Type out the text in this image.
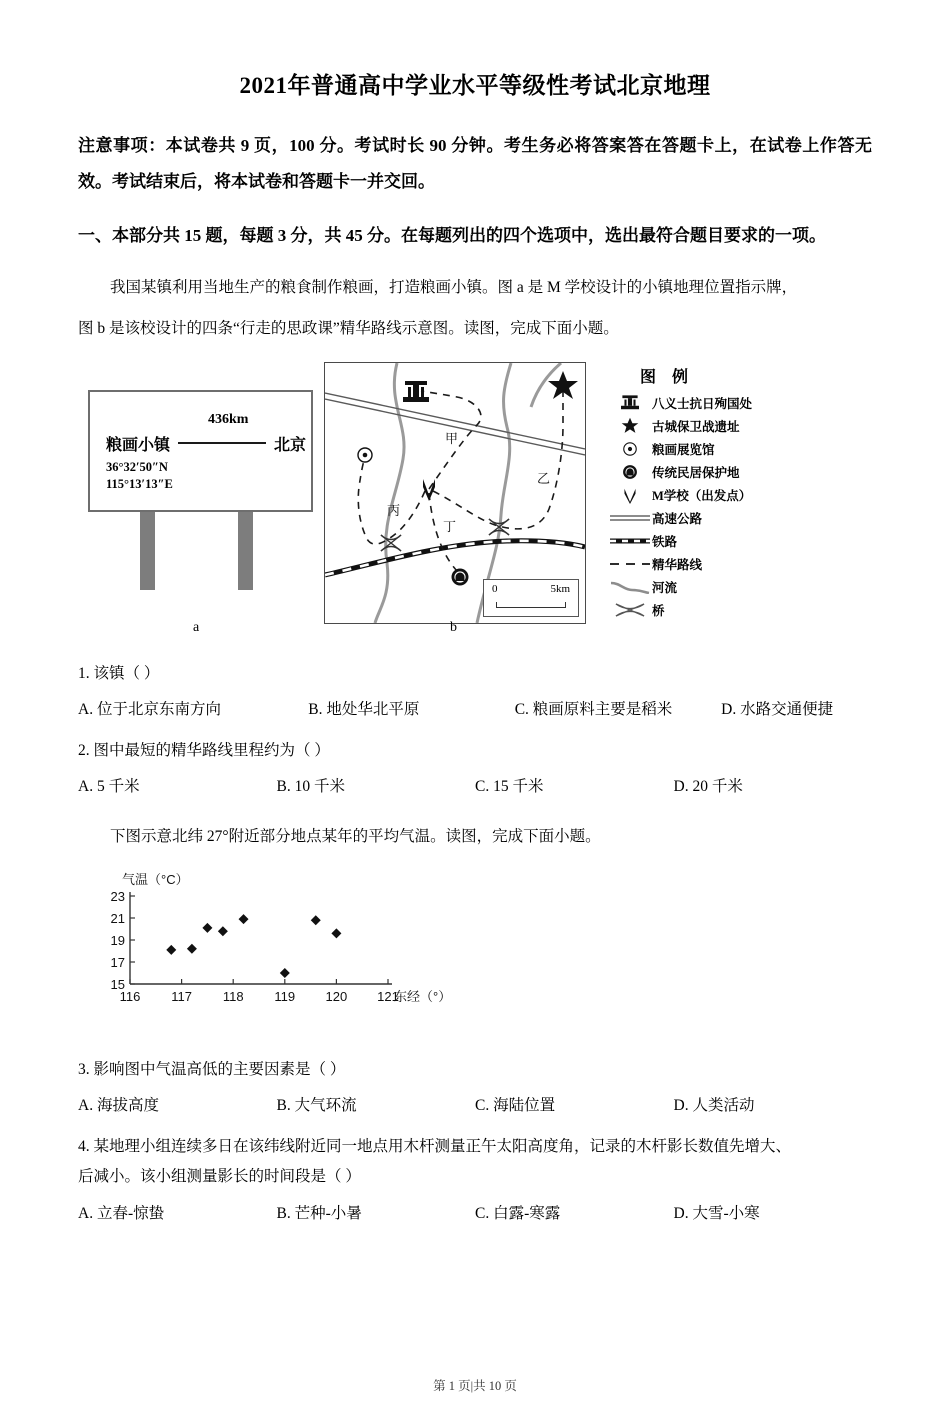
2021年普通高中学业水平等级性考试北京地理

注意事项：本试卷共 9 页，100 分。考试时长 90 分钟。考生务必将答案答在答题卡上，在试卷上作答无效。考试结束后，将本试卷和答题卡一并交回。

一、本部分共 15 题，每题 3 分，共 45 分。在每题列出的四个选项中，选出最符合题目要求的一项。

我国某镇利用当地生产的粮食制作粮画，打造粮画小镇。图 a 是 M 学校设计的小镇地理位置指示牌，

图 b 是该校设计的四条“行走的思政课”精华路线示意图。读图，完成下面小题。

436km
粮画小镇	北京
36°32′50″N
115°13′13″E
甲
乙
丙
丁
0	5km
图 例
八义士抗日殉国处
古城保卫战遗址
粮画展览馆
传统民居保护地
M学校（出发点）
高速公路
铁路
精华路线
河流
桥
a	b
1. 该镇（ ）
A. 位于北京东南方向	B. 地处华北平原	C. 粮画原料主要是稻米	D. 水路交通便捷
2. 图中最短的精华路线里程约为（ ）
A. 5 千米	B. 10 千米	C. 15 千米	D. 20 千米

下图示意北纬 27°附近部分地点某年的平均气温。读图，完成下面小题。

气温（°C）
15
17
19
21
23
116 117 118 119 120 121
东经（°）
3. 影响图中气温高低的主要因素是（ ）
A. 海拔高度	B. 大气环流	C. 海陆位置	D. 人类活动
4. 某地理小组连续多日在该纬线附近同一地点用木杆测量正午太阳高度角，记录的木杆影长数值先增大、
后减小。该小组测量影长的时间段是（ ）
A. 立春-惊蛰	B. 芒种-小暑	C. 白露-寒露	D. 大雪-小寒
第 1 页|共 10 页
